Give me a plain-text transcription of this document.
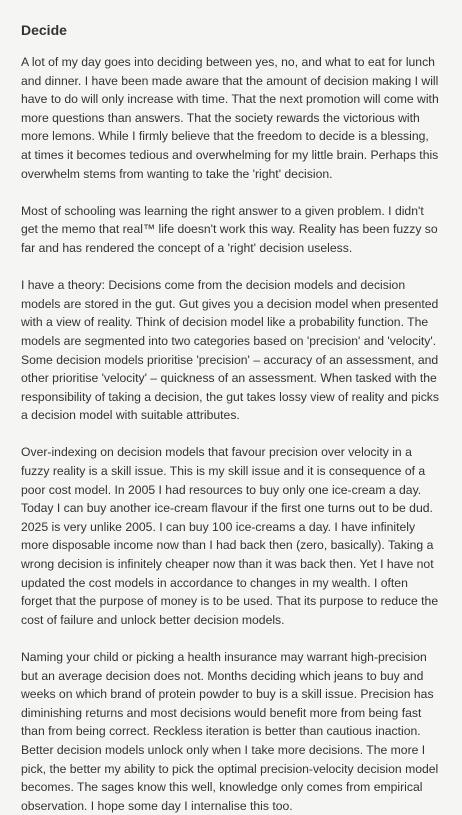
Decide

A lot of my day goes into deciding between yes, no, and what to eat for lunch and dinner. I have been made aware that the amount of decision making I will have to do will only increase with time. That the next promotion will come with more questions than answers. That the society rewards the victorious with more lemons. While I firmly believe that the freedom to decide is a blessing, at times it becomes tedious and overwhelming for my little brain. Perhaps this overwhelm stems from wanting to take the 'right' decision.

Most of schooling was learning the right answer to a given problem. I didn't get the memo that real™ life doesn't work this way. Reality has been fuzzy so far and has rendered the concept of a 'right' decision useless.

I have a theory: Decisions come from the decision models and decision models are stored in the gut. Gut gives you a decision model when presented with a view of reality. Think of decision model like a probability function. The models are segmented into two categories based on 'precision' and 'velocity'. Some decision models prioritise 'precision' – accuracy of an assessment, and other prioritise 'velocity' – quickness of an assessment. When tasked with the responsibility of taking a decision, the gut takes lossy view of reality and picks a decision model with suitable attributes.

Over-indexing on decision models that favour precision over velocity in a fuzzy reality is a skill issue. This is my skill issue and it is consequence of a poor cost model. In 2005 I had resources to buy only one ice-cream a day. Today I can buy another ice-cream flavour if the first one turns out to be dud. 2025 is very unlike 2005. I can buy 100 ice-creams a day. I have infinitely more disposable income now than I had back then (zero, basically). Taking a wrong decision is infinitely cheaper now than it was back then. Yet I have not updated the cost models in accordance to changes in my wealth. I often forget that the purpose of money is to be used. That its purpose to reduce the cost of failure and unlock better decision models.

Naming your child or picking a health insurance may warrant high-precision but an average decision does not. Months deciding which jeans to buy and weeks on which brand of protein powder to buy is a skill issue. Precision has diminishing returns and most decisions would benefit more from being fast than from being correct. Reckless iteration is better than cautious inaction. Better decision models unlock only when I take more decisions. The more I pick, the better my ability to pick the optimal precision-velocity decision model becomes. The sages know this well, knowledge only comes from empirical observation. I hope some day I internalise this too.
